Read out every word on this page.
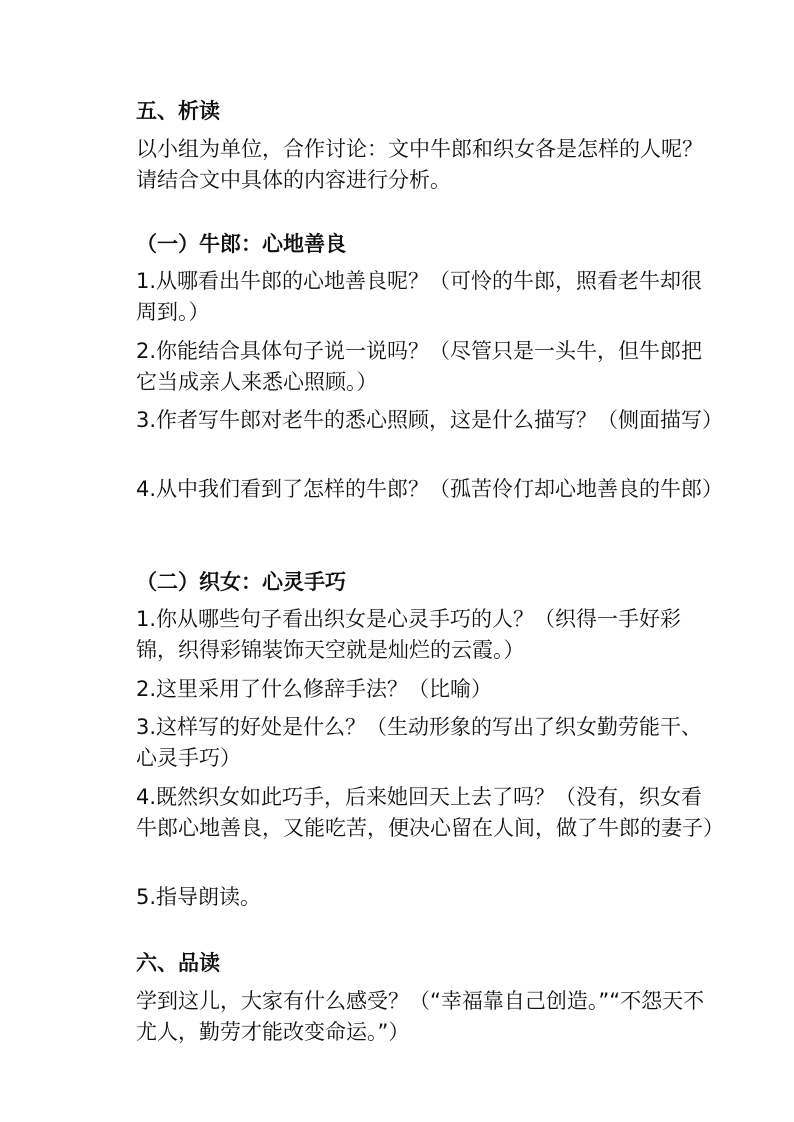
五、析读

以小组为单位，合作讨论：文中牛郎和织女各是怎样的人呢？请结合文中具体的内容进行分析。

（一）牛郎：心地善良

1.从哪看出牛郎的心地善良呢？（可怜的牛郎，照看老牛却很周到。）

2.你能结合具体句子说一说吗？（尽管只是一头牛，但牛郎把它当成亲人来悉心照顾。）

3.作者写牛郎对老牛的悉心照顾，这是什么描写？（侧面描写）

4.从中我们看到了怎样的牛郎？（孤苦伶仃却心地善良的牛郎）

（二）织女：心灵手巧

1.你从哪些句子看出织女是心灵手巧的人？（织得一手好彩锦，织得彩锦装饰天空就是灿烂的云霞。）

2.这里采用了什么修辞手法？（比喻）

3.这样写的好处是什么？（生动形象的写出了织女勤劳能干、心灵手巧）

4.既然织女如此巧手，后来她回天上去了吗？（没有，织女看牛郎心地善良，又能吃苦，便决心留在人间，做了牛郎的妻子）

5.指导朗读。

六、品读

学到这儿，大家有什么感受？（“幸福靠自己创造。”“不怨天不尤人，勤劳才能改变命运。”）
